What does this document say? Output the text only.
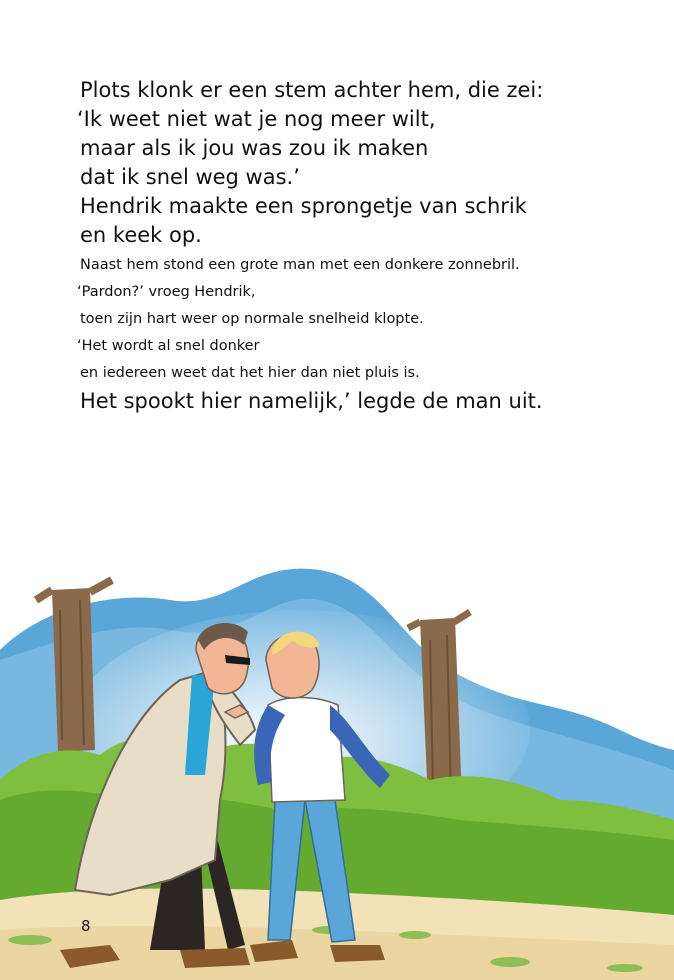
Plots klonk er een stem achter hem, die zei:
‘Ik weet niet wat je nog meer wilt,
maar als ik jou was zou ik maken
dat ik snel weg was.’
Hendrik maakte een sprongetje van schrik
en keek op.
Naast hem stond een grote man met een donkere zonnebril.
‘Pardon?’ vroeg Hendrik,
toen zijn hart weer op normale snelheid klopte.
‘Het wordt al snel donker
en iedereen weet dat het hier dan niet pluis is.
Het spookt hier namelijk,’ legde de man uit.
8
